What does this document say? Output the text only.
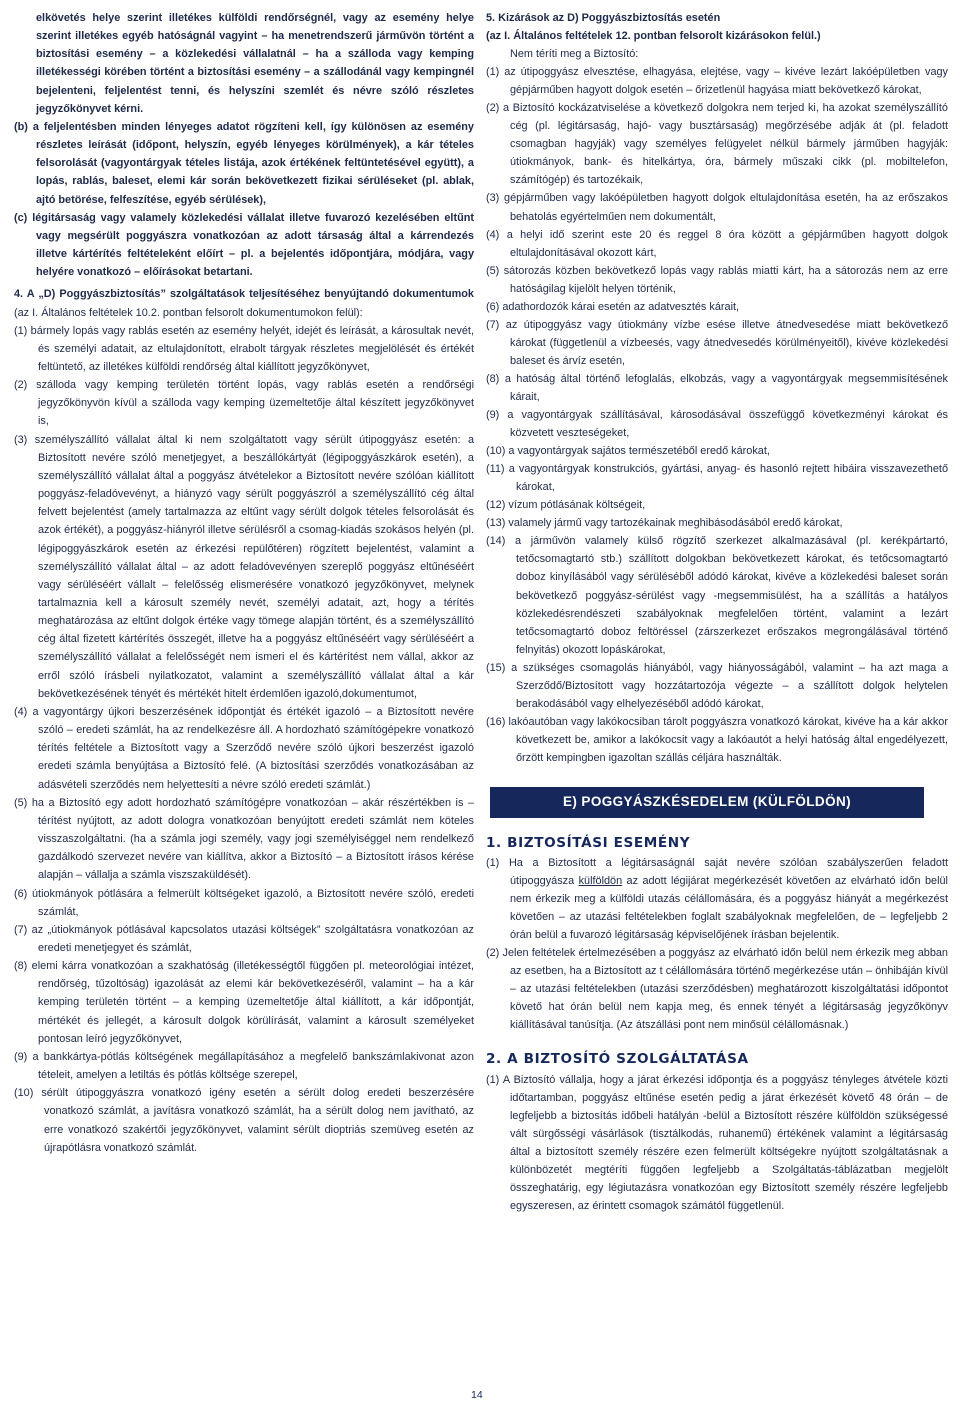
elkövetés helye szerint illetékes külföldi rendőrségnél, vagy az esemény helye szerint illetékes egyéb hatóságnál vagyint – ha menetrendszerű járművön történt a biztosítási esemény – a közlekedési vállalatnál – ha a szálloda vagy kemping illetékességi körében történt a biztosítási esemény – a szállodánál vagy kempingnél bejelenteni, feljelentést tenni, és helyszíni szemlét és névre szóló részletes jegyzőkönyvet kérni.

(b) a feljelentésben minden lényeges adatot rögzíteni kell, így különösen az esemény részletes leírását (időpont, helyszín, egyéb lényeges körülmények), a kár tételes felsorolását (vagyontárgyak tételes listája, azok értékének feltüntetésével együtt), a lopás, rablás, baleset, elemi kár során bekövetkezett fizikai sérüléseket (pl. ablak, ajtó betörése, felfeszítése, egyéb sérülések),

(c) légitársaság vagy valamely közlekedési vállalat illetve fuvarozó kezelésében eltűnt vagy megsérült poggyászra vonatkozóan az adott társaság által a kárrendezés illetve kártérítés feltételeként előírt – pl. a bejelentés időpontjára, módjára, vagy helyére vonatkozó – előírásokat betartani.

4. A „D) Poggyászbiztosítás” szolgáltatások teljesítéséhez benyújtandó dokumentumok (az I. Általános feltételek 10.2. pontban felsorolt dokumentumokon felül):

(1) bármely lopás vagy rablás esetén az esemény helyét, idejét és leírását, a károsultak nevét, és személyi adatait, az eltulajdonított, elrabolt tárgyak részletes megjelölését és értékét feltüntető, az illetékes külföldi rendőrség által kiállított jegyzőkönyvet,

(2) szálloda vagy kemping területén történt lopás, vagy rablás esetén a rendőrségi jegyzőkönyvön kívül a szálloda vagy kemping üzemeltetője által készített jegyzőkönyvet is,

(3) személyszállító vállalat által ki nem szolgáltatott vagy sérült útipoggyász esetén: a Biztosított nevére szóló menetjegyet, a beszállókártyát (légipoggyászkárok esetén), a személyszállító vállalat által a poggyász átvételekor a Biztosított nevére szólóan kiállított poggyász-feladóvevényt, a hiányzó vagy sérült poggyászról a személyszállító cég által felvett bejelentést (amely tartalmazza az eltűnt vagy sérült dolgok tételes felsorolását és azok értékét), a poggyász-hiányról illetve sérülésről a csomag-kiadás szokásos helyén (pl. légipoggyászkárok esetén az érkezési repülőtéren) rögzített bejelentést, valamint a személyszállító vállalat által – az adott feladóvevényen szereplő poggyász eltűnéséért vagy sérüléséért vállalt – felelősség elismerésére vonatkozó jegyzőkönyvet, melynek tartalmaznia kell a károsult személy nevét, személyi adatait, azt, hogy a térítés meghatározása az eltűnt dolgok értéke vagy tömege alapján történt, és a személyszállító cég által fizetett kártérítés összegét, illetve ha a poggyász eltűnéséért vagy sérüléséért a személyszállító vállalat a felelősségét nem ismeri el és kártérítést nem vállal, akkor az erről szóló írásbeli nyilatkozatot, valamint a személyszállító vállalat által a kár bekövetkezésének tényét és mértékét hitelt érdemlően igazoló,dokumentumot,

(4) a vagyontárgy újkori beszerzésének időpontját és értékét igazoló – a Biztosított nevére szóló – eredeti számlát, ha az rendelkezésre áll. A hordozható számítógépekre vonatkozó térítés feltétele a Biztosított vagy a Szerződő nevére szóló újkori beszerzést igazoló eredeti számla benyújtása a Biztosító felé. (A biztosítási szerződés vonatkozásában az adásvételi szerződés nem helyettesíti a névre szóló eredeti számlát.)

(5) ha a Biztosító egy adott hordozható számítógépre vonatkozóan – akár részértékben is – térítést nyújtott, az adott dologra vonatkozóan benyújtott eredeti számlát nem köteles visszaszolgáltatni. (ha a számla jogi személy, vagy jogi személyiséggel nem rendelkező gazdálkodó szervezet nevére van kiállítva, akkor a Biztosító – a Biztosított írásos kérése alapján – vállalja a számla viszszaküldését).

(6) útiokmányok pótlására a felmerült költségeket igazoló, a Biztosított nevére szóló, eredeti számlát,

(7) az „útiokmányok pótlásával kapcsolatos utazási költségek” szolgáltatásra vonatkozóan az eredeti menetjegyet és számlát,

(8) elemi kárra vonatkozóan a szakhatóság (illetékességtől függően pl. meteorológiai intézet, rendőrség, tűzoltóság) igazolását az elemi kár bekövetkezéséről, valamint – ha a kár kemping területén történt – a kemping üzemeltetője által kiállított, a kár időpontját, mértékét és jellegét, a károsult dolgok körülírását, valamint a károsult személyeket pontosan leíró jegyzőkönyvet,

(9) a bankkártya-pótlás költségének megállapításához a megfelelő bankszámlakivonat azon tételeit, amelyen a letiltás és pótlás költsége szerepel,

(10) sérült útipoggyászra vonatkozó igény esetén a sérült dolog eredeti beszerzésére vonatkozó számlát, a javításra vonatkozó számlát, ha a sérült dolog nem javítható, az erre vonatkozó szakértői jegyzőkönyvet, valamint sérült dioptriás szemüveg esetén az újrapótlásra vonatkozó számlát.

5. Kizárások az D) Poggyászbiztosítás esetén

(az I. Általános feltételek 12. pontban felsorolt kizárásokon felül.)

Nem téríti meg a Biztosító:

(1) az útipoggyász elvesztése, elhagyása, elejtése, vagy – kivéve lezárt lakóépületben vagy gépjárműben hagyott dolgok esetén – őrizetlenül hagyása miatt bekövetkező károkat,

(2) a Biztosító kockázatviselése a következő dolgokra nem terjed ki, ha azokat személyszállító cég (pl. légitársaság, hajó- vagy busztársaság) megőrzésébe adják át (pl. feladott csomagban hagyják) vagy személyes felügyelet nélkül bármely járműben hagyják: útiokmányok, bank- és hitelkártya, óra, bármely műszaki cikk (pl. mobiltelefon, számítógép) és tartozékaik,

(3) gépjárműben vagy lakóépületben hagyott dolgok eltulajdonítása esetén, ha az erőszakos behatolás egyértelműen nem dokumentált,

(4) a helyi idő szerint este 20 és reggel 8 óra között a gépjárműben hagyott dolgok eltulajdonításával okozott kárt,

(5) sátorozás közben bekövetkező lopás vagy rablás miatti kárt, ha a sátorozás nem az erre hatóságilag kijelölt helyen történik,

(6) adathordozók kárai esetén az adatvesztés kárait,

(7) az útipoggyász vagy útiokmány vízbe esése illetve átnedvesedése miatt bekövetkező károkat (függetlenül a vízbeesés, vagy átnedvesedés körülményeitől), kivéve közlekedési baleset és árvíz esetén,

(8) a hatóság által történő lefoglalás, elkobzás, vagy a vagyontárgyak megsemmisítésének kárait,

(9) a vagyontárgyak szállításával, károsodásával összefüggő következményi károkat és közvetett veszteségeket,

(10) a vagyontárgyak sajátos természetéből eredő károkat,

(11) a vagyontárgyak konstrukciós, gyártási, anyag- és hasonló rejtett hibáira visszavezethető károkat,

(12) vízum pótlásának költségeit,

(13) valamely jármű vagy tartozékainak meghibásodásából eredő károkat,

(14) a járművön valamely külső rögzítő szerkezet alkalmazásával (pl. kerékpártartó, tetőcsomagtartó stb.) szállított dolgokban bekövetkezett károkat, és tetőcsomagtartó doboz kinyílásából vagy sérüléséből adódó károkat, kivéve a közlekedési baleset során bekövetkező poggyász-sérülést vagy -megsemmisülést, ha a szállítás a hatályos közlekedésrendészeti szabályoknak megfelelően történt, valamint a lezárt tetőcsomagtartó doboz feltöréssel (zárszerkezet erőszakos megrongálásával történő felnyitás) okozott lopáskárokat,

(15) a szükséges csomagolás hiányából, vagy hiányosságából, valamint – ha azt maga a Szerződő/Biztosított vagy hozzátartozója végezte – a szállított dolgok helytelen berakodásából vagy elhelyezéséből adódó károkat,

(16) lakóautóban vagy lakókocsiban tárolt poggyászra vonatkozó károkat, kivéve ha a kár akkor következett be, amikor a lakókocsit vagy a lakóautót a helyi hatóság által engedélyezett, őrzött kempingben igazoltan szállás céljára használták.

E) POGGYÁSZKÉSEDELEM (KÜLFÖLDÖN)
1. BIZTOSÍTÁSI ESEMÉNY

(1) Ha a Biztosított a légitársaságnál saját nevére szólóan szabályszerűen feladott útipoggyásza külföldön az adott légijárat megérkezését követően az elvárható időn belül nem érkezik meg a külföldi utazás célállomására, és a poggyász hiányát a megérkezést követően – az utazási feltételekben foglalt szabályoknak megfelelően, de – legfeljebb 2 órán belül a fuvarozó légitársaság képviselőjének írásban bejelentik.

(2) Jelen feltételek értelmezésében a poggyász az elvárható időn belül nem érkezik meg abban az esetben, ha a Biztosított az t célállomására történő megérkezése után – önhibáján kívül – az utazási feltételekben (utazási szerződésben) meghatározott kiszolgáltatási időpontot követő hat órán belül nem kapja meg, és ennek tényét a légitársaság jegyzőkönyv kiállításával tanúsítja. (Az átszállási pont nem minősül célállomásnak.)

2. A BIZTOSÍTÓ SZOLGÁLTATÁSA

(1) A Biztosító vállalja, hogy a járat érkezési időpontja és a poggyász tényleges átvétele közti időtartamban, poggyász eltűnése esetén pedig a járat érkezését követő 48 órán – de legfeljebb a biztosítás időbeli hatályán -belül a Biztosított részére külföldön szükségessé vált sürgősségi vásárlások (tisztálkodás, ruhanemű) értékének valamint a légitársaság által a biztosított személy részére ezen felmerült költségekre nyújtott szolgáltatásnak a különbözetét megtéríti függően legfeljebb a Szolgáltatás-táblázatban megjelölt összeghatárig, egy légiutazásra vonatkozóan egy Biztosított személy részére legfeljebb egyszeresen, az érintett csomagok számától függetlenül.

14
